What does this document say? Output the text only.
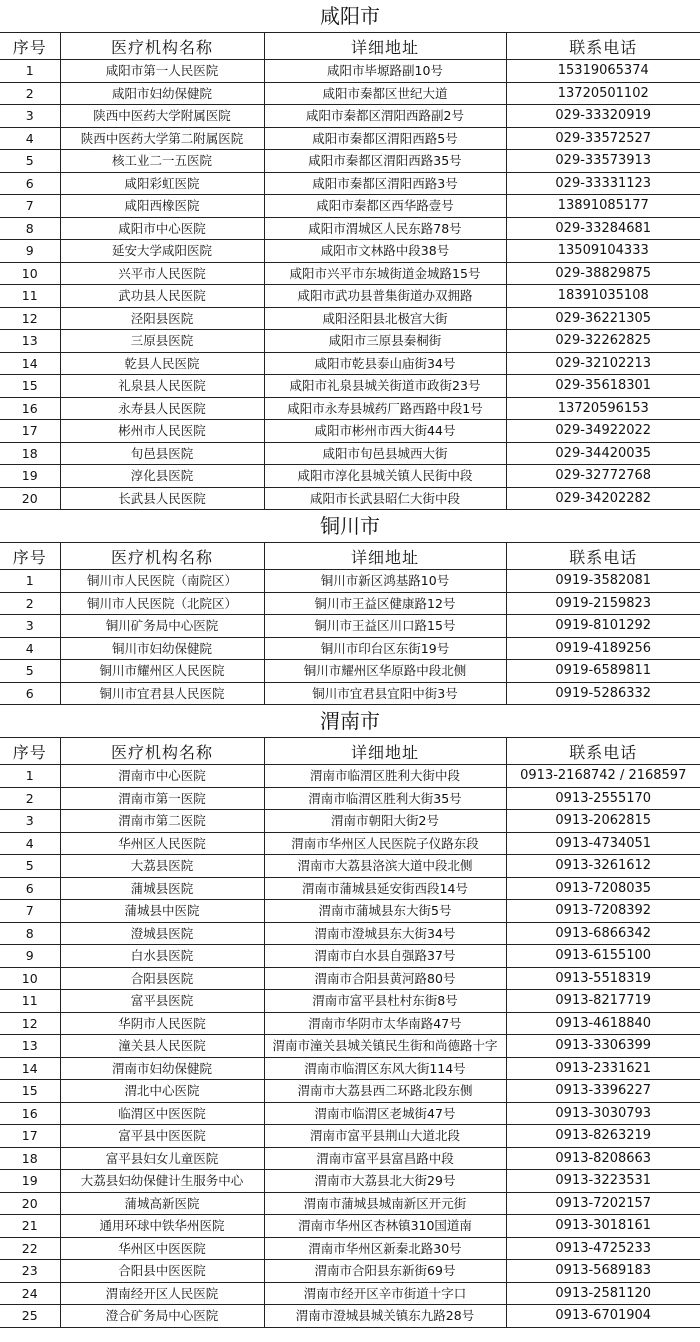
咸阳市
序号	医疗机构名称	详细地址	联系电话
1	咸阳市第一人民医院	咸阳市毕塬路副10号	15319065374
2	咸阳市妇幼保健院	咸阳市秦都区世纪大道	13720501102
3	陕西中医药大学附属医院	咸阳市秦都区渭阳西路副2号	029-33320919
4	陕西中医药大学第二附属医院	咸阳市秦都区渭阳西路5号	029-33572527
5	核工业二一五医院	咸阳市秦都区渭阳西路35号	029-33573913
6	咸阳彩虹医院	咸阳市秦都区渭阳西路3号	029-33331123
7	咸阳西橡医院	咸阳市秦都区西华路壹号	13891085177
8	咸阳市中心医院	咸阳市渭城区人民东路78号	029-33284681
9	延安大学咸阳医院	咸阳市文林路中段38号	13509104333
10	兴平市人民医院	咸阳市兴平市东城街道金城路15号	029-38829875
11	武功县人民医院	咸阳市武功县普集街道办双拥路	18391035108
12	泾阳县医院	咸阳泾阳县北极宫大街	029-36221305
13	三原县医院	咸阳市三原县秦桐街	029-32262825
14	乾县人民医院	咸阳市乾县泰山庙街34号	029-32102213
15	礼泉县人民医院	咸阳市礼泉县城关街道市政街23号	029-35618301
16	永寿县人民医院	咸阳市永寿县城药厂路西路中段1号	13720596153
17	彬州市人民医院	咸阳市彬州市西大街44号	029-34922022
18	旬邑县医院	咸阳市旬邑县城西大街	029-34420035
19	淳化县医院	咸阳市淳化县城关镇人民街中段	029-32772768
20	长武县人民医院	咸阳市长武县昭仁大街中段	029-34202282
铜川市
序号	医疗机构名称	详细地址	联系电话
1	铜川市人民医院（南院区）	铜川市新区鸿基路10号	0919-3582081
2	铜川市人民医院（北院区）	铜川市王益区健康路12号	0919-2159823
3	铜川矿务局中心医院	铜川市王益区川口路15号	0919-8101292
4	铜川市妇幼保健院	铜川市印台区东街19号	0919-4189256
5	铜川市耀州区人民医院	铜川市耀州区华原路中段北侧	0919-6589811
6	铜川市宜君县人民医院	铜川市宜君县宜阳中街3号	0919-5286332
渭南市
序号	医疗机构名称	详细地址	联系电话
1	渭南市中心医院	渭南市临渭区胜利大街中段	0913-2168742 / 2168597
2	渭南市第一医院	渭南市临渭区胜利大街35号	0913-2555170
3	渭南市第二医院	渭南市朝阳大街2号	0913-2062815
4	华州区人民医院	渭南市华州区人民医院子仪路东段	0913-4734051
5	大荔县医院	渭南市大荔县洛滨大道中段北侧	0913-3261612
6	蒲城县医院	渭南市蒲城县延安街西段14号	0913-7208035
7	蒲城县中医院	渭南市蒲城县东大街5号	0913-7208392
8	澄城县医院	渭南市澄城县东大街34号	0913-6866342
9	白水县医院	渭南市白水县自强路37号	0913-6155100
10	合阳县医院	渭南市合阳县黄河路80号	0913-5518319
11	富平县医院	渭南市富平县杜村东街8号	0913-8217719
12	华阴市人民医院	渭南市华阴市太华南路47号	0913-4618840
13	潼关县人民医院	渭南市潼关县城关镇民生街和尚德路十字	0913-3306399
14	渭南市妇幼保健院	渭南市临渭区东风大街114号	0913-2331621
15	渭北中心医院	渭南市大荔县西二环路北段东侧	0913-3396227
16	临渭区中医医院	渭南市临渭区老城街47号	0913-3030793
17	富平县中医医院	渭南市富平县荆山大道北段	0913-8263219
18	富平县妇女儿童医院	渭南市富平县富昌路中段	0913-8208663
19	大荔县妇幼保健计生服务中心	渭南市大荔县北大街29号	0913-3223531
20	蒲城高新医院	渭南市蒲城县城南新区开元街	0913-7202157
21	通用环球中铁华州医院	渭南市华州区杏林镇310国道南	0913-3018161
22	华州区中医医院	渭南市华州区新秦北路30号	0913-4725233
23	合阳县中医医院	渭南市合阳县东新街69号	0913-5689183
24	渭南经开区人民医院	渭南市经开区辛市街道十字口	0913-2581120
25	澄合矿务局中心医院	渭南市澄城县城关镇东九路28号	0913-6701904
